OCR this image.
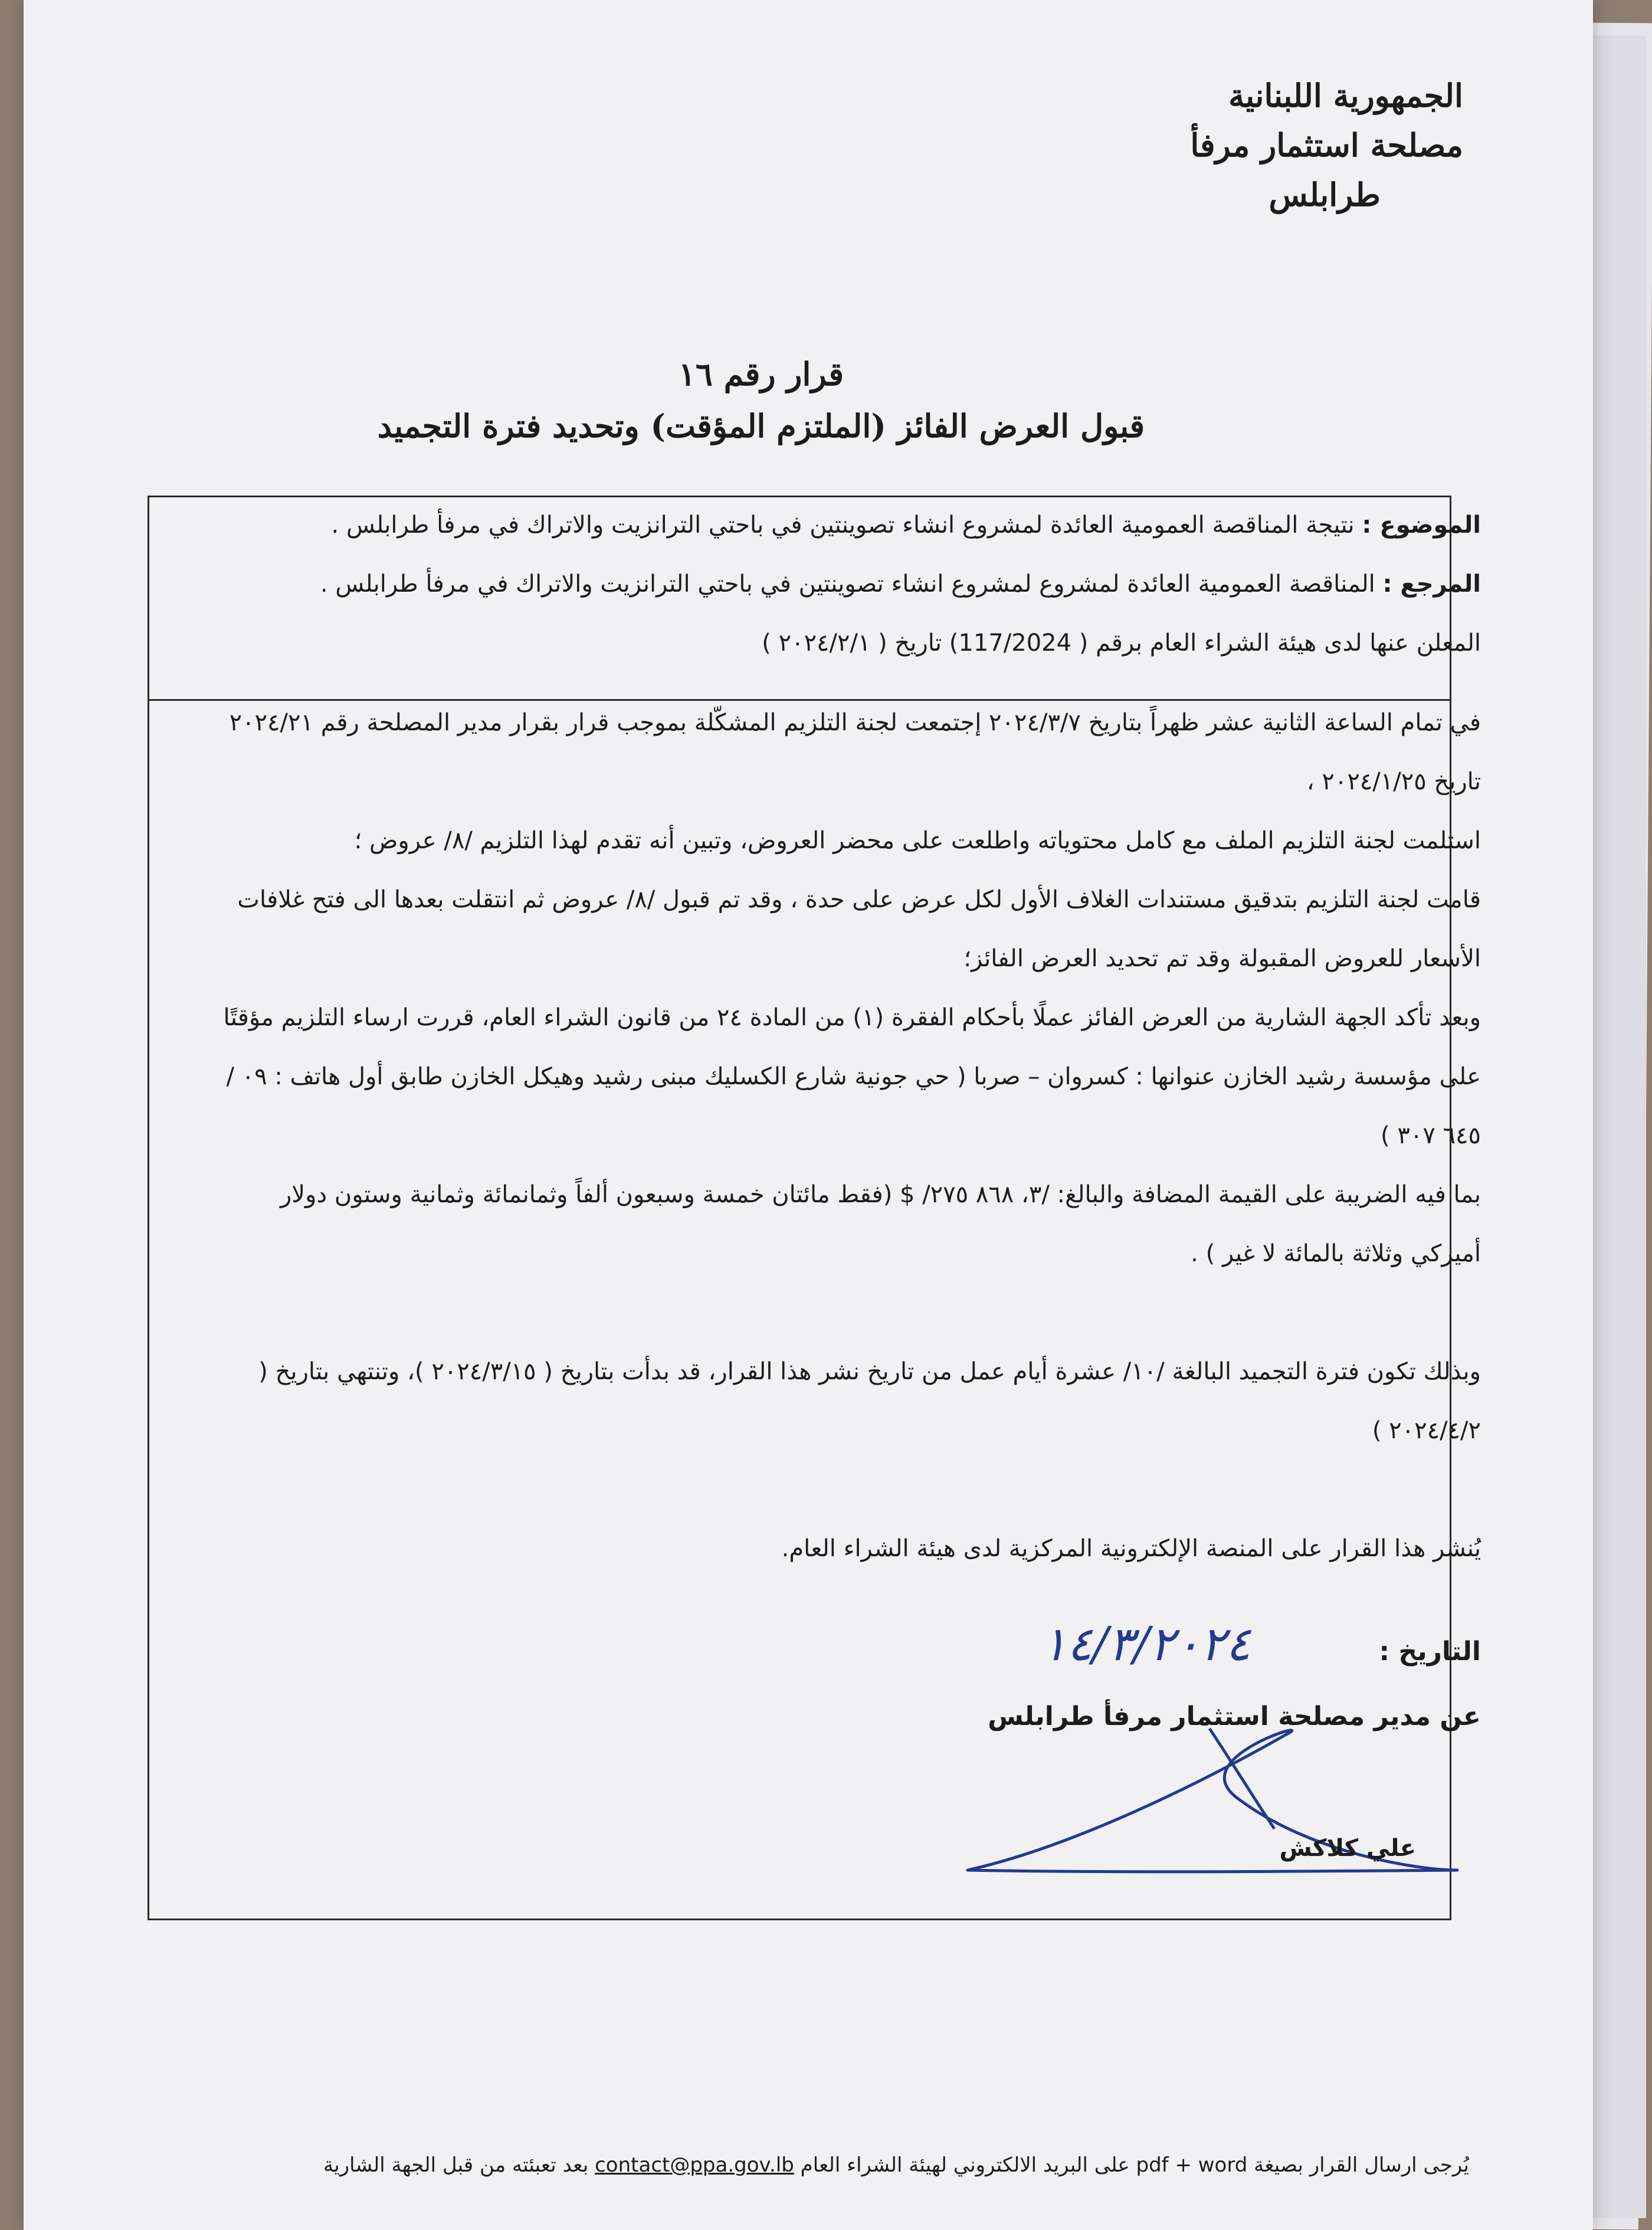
الجمهورية اللبنانية
مصلحة استثمار مرفأ
طرابلس
قرار رقم ١٦
قبول العرض الفائز (الملتزم المؤقت) وتحديد فترة التجميد
الموضوع : نتيجة المناقصة العمومية العائدة لمشروع انشاء تصوينتين في باحتي الترانزيت والاتراك في مرفأ طرابلس .
المرجع : المناقصة العمومية العائدة لمشروع لمشروع انشاء تصوينتين في باحتي الترانزيت والاتراك في مرفأ طرابلس .
المعلن عنها لدى هيئة الشراء العام برقم ( 117/2024) تاريخ ( ٢٠٢٤/٢/١ )
في تمام الساعة الثانية عشر ظهراً بتاريخ ٢٠٢٤/٣/٧ إجتمعت لجنة التلزيم المشكّلة بموجب قرار بقرار مدير المصلحة رقم ٢٠٢٤/٢١ تاريخ ٢٠٢٤/١/٢٥ ،
استلمت لجنة التلزيم الملف مع كامل محتوياته واطلعت على محضر العروض، وتبين أنه تقدم لهذا التلزيم /٨/ عروض ؛
قامت لجنة التلزيم بتدقيق مستندات الغلاف الأول لكل عرض على حدة ، وقد تم قبول /٨/ عروض ثم انتقلت بعدها الى فتح غلافات الأسعار للعروض المقبولة وقد تم تحديد العرض الفائز؛
وبعد تأكد الجهة الشارية من العرض الفائز عملًا بأحكام الفقرة (١) من المادة ٢٤ من قانون الشراء العام، قررت ارساء التلزيم مؤقتًا على مؤسسة رشيد الخازن عنوانها : كسروان – صربا ( حي جونية شارع الكسليك مبنى رشيد وهيكل الخازن طابق أول هاتف : ٠٩ / ٦٤٥ ٣٠٧ )
بما فيه الضريبة على القيمة المضافة والبالغ: /٣، ٨٦٨ ٢٧٥/ $ (فقط مائتان خمسة وسبعون ألفاً وثمانمائة وثمانية وستون دولار أميركي وثلاثة بالمائة لا غير ) .
وبذلك تكون فترة التجميد البالغة /١٠/ عشرة أيام عمل من تاريخ نشر هذا القرار، قد بدأت بتاريخ ( ٢٠٢٤/٣/١٥ )، وتنتهي بتاريخ ( ٢٠٢٤/٤/٢ )
يُنشر هذا القرار على المنصة الإلكترونية المركزية لدى هيئة الشراء العام.
التاريخ :
١٤/٣/٢٠٢٤
عن مدير مصلحة استثمار مرفأ طرابلس
علي كلاكش
يُرجى ارسال القرار بصيغة pdf + word على البريد الالكتروني لهيئة الشراء العام contact@ppa.gov.lb بعد تعبئته من قبل الجهة الشارية
